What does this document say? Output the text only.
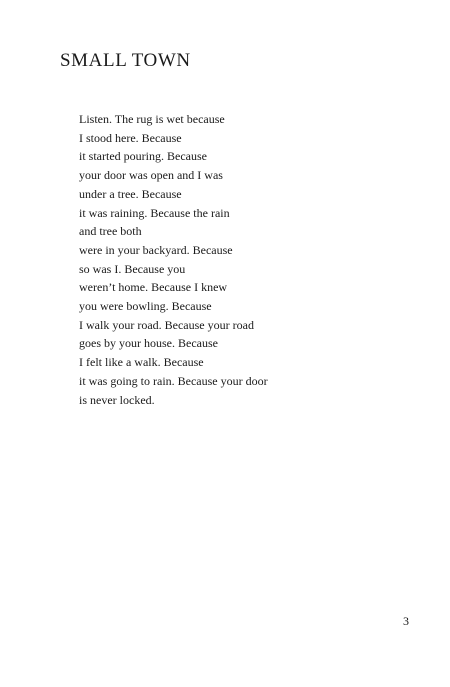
SMALL TOWN
Listen. The rug is wet because
I stood here. Because
it started pouring. Because
your door was open and I was
under a tree. Because
it was raining. Because the rain
and tree both
were in your backyard. Because
so was I. Because you
weren’t home. Because I knew
you were bowling. Because
I walk your road. Because your road
goes by your house. Because
I felt like a walk. Because
it was going to rain. Because your door
is never locked.
3
